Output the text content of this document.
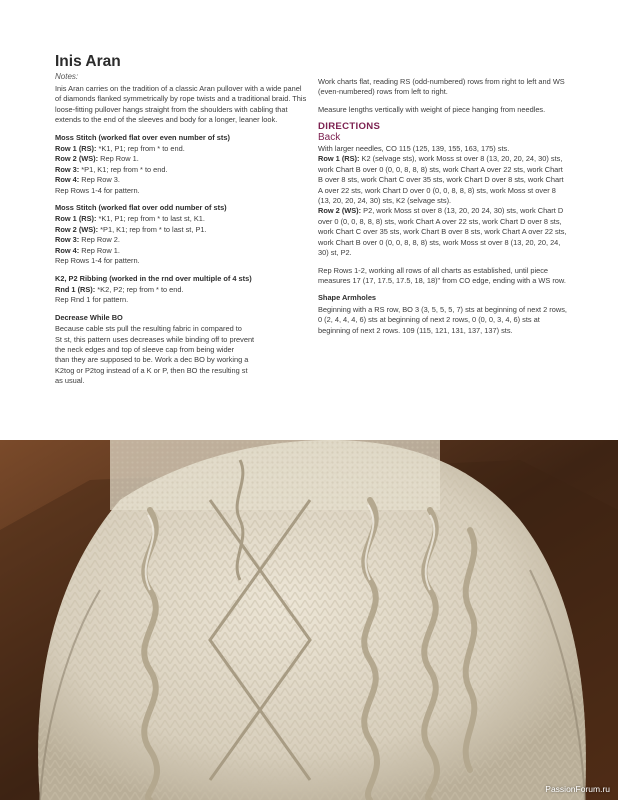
Inis Aran
Notes:

Inis Aran carries on the tradition of a classic Aran pullover with a wide panel of diamonds flanked symmetrically by rope twists and a traditional braid. This loose-fitting pullover hangs straight from the shoulders with cabling that extends to the end of the sleeves and body for a longer, leaner look.

Moss Stitch (worked flat over even number of sts)
Row 1 (RS): *K1, P1; rep from * to end.
Row 2 (WS): Rep Row 1.
Row 3: *P1, K1; rep from * to end.
Row 4: Rep Row 3.
Rep Rows 1-4 for pattern.

Moss Stitch (worked flat over odd number of sts)
Row 1 (RS): *K1, P1; rep from * to last st, K1.
Row 2 (WS): *P1, K1; rep from * to last st, P1.
Row 3: Rep Row 2.
Row 4: Rep Row 1.
Rep Rows 1-4 for pattern.

K2, P2 Ribbing (worked in the rnd over multiple of 4 sts)
Rnd 1 (RS): *K2, P2; rep from * to end.
Rep Rnd 1 for pattern.

Decrease While BO
Because cable sts pull the resulting fabric in compared to
St st, this pattern uses decreases while binding off to prevent
the neck edges and top of sleeve cap from being wider
than they are supposed to be. Work a dec BO by working a
K2tog or P2tog instead of a K or P, then BO the resulting st
as usual.

Work charts flat, reading RS (odd-numbered) rows from right to left and WS (even-numbered) rows from left to right.

Measure lengths vertically with weight of piece hanging from needles.

DIRECTIONS
Back

With larger needles, CO 115 (125, 139, 155, 163, 175) sts.
Row 1 (RS): K2 (selvage sts), work Moss st over 8 (13, 20, 20, 24, 30) sts, work Chart B over 0 (0, 0, 8, 8, 8) sts, work Chart A over 22 sts, work Chart B over 8 sts, work Chart C over 35 sts, work Chart D over 8 sts, work Chart A over 22 sts, work Chart D over 0 (0, 0, 8, 8, 8) sts, work Moss st over 8 (13, 20, 20, 24, 30) sts, K2 (selvage sts).
Row 2 (WS): P2, work Moss st over 8 (13, 20, 20 24, 30) sts, work Chart D over 0 (0, 0, 8, 8, 8) sts, work Chart A over 22 sts, work Chart D over 8 sts, work Chart C over 35 sts, work Chart B over 8 sts, work Chart A over 22 sts, work Chart B over 0 (0, 0, 8, 8, 8) sts, work Moss st over 8 (13, 20, 20, 24, 30) st, P2.

Rep Rows 1-2, working all rows of all charts as established, until piece measures 17 (17, 17.5, 17.5, 18, 18)" from CO edge, ending with a WS row.

Shape Armholes
Beginning with a RS row, BO 3 (3, 5, 5, 5, 7) sts at beginning of next 2 rows, 0 (2, 4, 4, 4, 6) sts at beginning of next 2 rows, 0 (0, 0, 3, 4, 6) sts at beginning of next 2 rows. 109 (115, 121, 131, 137, 137) sts.

PassionForum.ru
